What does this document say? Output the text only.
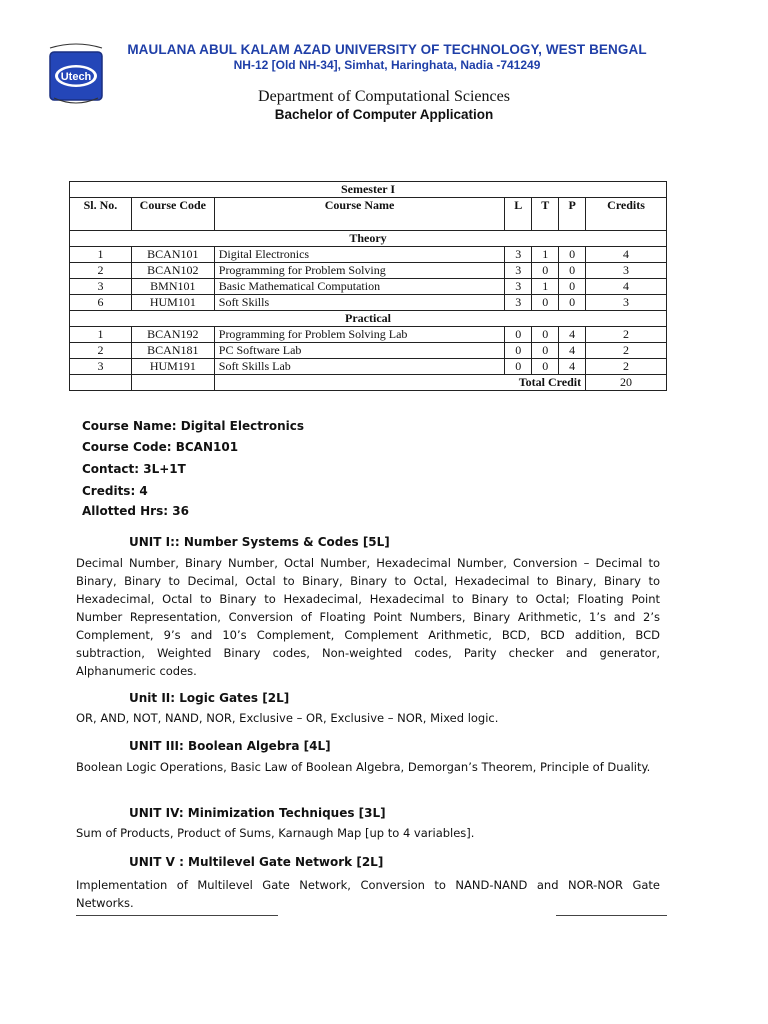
Utech
MAULANA ABUL KALAM AZAD UNIVERSITY OF TECHNOLOGY, WEST BENGAL
NH-12 [Old NH-34], Simhat, Haringhata, Nadia -741249
Department of Computational Sciences
Bachelor of Computer Application
Semester I						
Sl. No.	Course Code	Course Name	L	T	P	Credits
Theory						
1	BCAN101	Digital Electronics	3	1	0	4
2	BCAN102	Programming for Problem Solving	3	0	0	3
3	BMN101	Basic Mathematical Computation	3	1	0	4
6	HUM101	Soft Skills	3	0	0	3
Practical						
1	BCAN192	Programming for Problem Solving Lab	0	0	4	2
2	BCAN181	PC Software Lab	0	0	4	2
3	HUM191	Soft Skills Lab	0	0	4	2
		Total Credit				20
Course Name: Digital Electronics
Course Code: BCAN101
Contact: 3L+1T
Credits: 4
Allotted Hrs: 36
UNIT I:: Number Systems & Codes [5L]
Decimal Number, Binary Number, Octal Number, Hexadecimal Number, Conversion – Decimal to Binary, Binary to Decimal, Octal to Binary, Binary to Octal, Hexadecimal to Binary, Binary to Hexadecimal, Octal to Binary to Hexadecimal, Hexadecimal to Binary to Octal; Floating Point Number Representation, Conversion of Floating Point Numbers, Binary Arithmetic, 1’s and 2’s Complement, 9’s and 10’s Complement, Complement Arithmetic, BCD, BCD addition, BCD subtraction, Weighted Binary codes, Non-weighted codes, Parity checker and generator, Alphanumeric codes.
Unit II: Logic Gates [2L]
OR, AND, NOT, NAND, NOR, Exclusive – OR, Exclusive – NOR, Mixed logic.
UNIT III: Boolean Algebra [4L]
Boolean Logic Operations, Basic Law of Boolean Algebra, Demorgan’s Theorem, Principle of Duality.
UNIT IV: Minimization Techniques [3L]
Sum of Products, Product of Sums, Karnaugh Map [up to 4 variables].
UNIT V : Multilevel Gate Network [2L]
Implementation of Multilevel Gate Network, Conversion to NAND-NAND and NOR-NOR Gate Networks.
